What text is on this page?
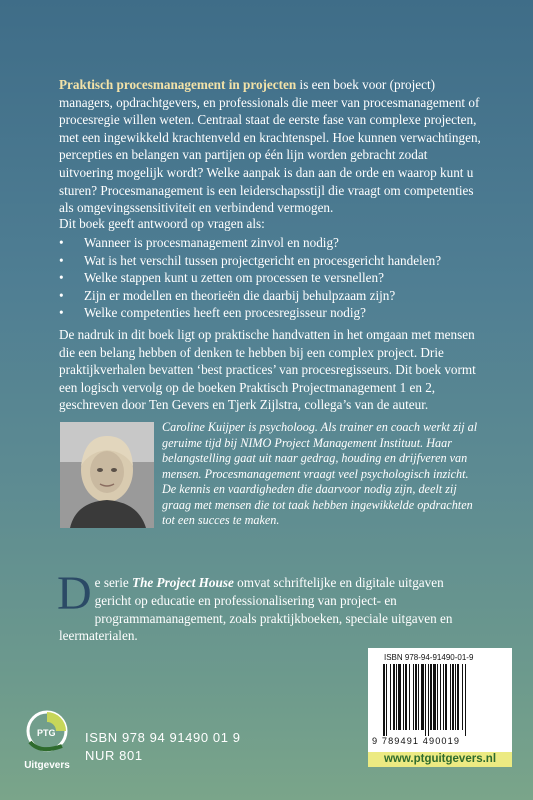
Praktisch procesmanagement in projecten is een boek voor (project) managers, opdrachtgevers, en professionals die meer van procesmanagement of procesregie willen weten. Centraal staat de eerste fase van complexe projecten, met een ingewikkeld krachtenveld en krachtenspel. Hoe kunnen verwachtingen, percepties en belangen van partijen op één lijn worden gebracht zodat uitvoering mogelijk wordt? Welke aanpak is dan aan de orde en waarop kunt u sturen? Procesmanagement is een leiderschapsstijl die vraagt om competenties als omgevingssensitiviteit en verbindend vermogen.

Dit boek geeft antwoord op vragen als:
• Wanneer is procesmanagement zinvol en nodig?
• Wat is het verschil tussen projectgericht en procesgericht handelen?
• Welke stappen kunt u zetten om processen te versnellen?
• Zijn er modellen en theorieën die daarbij behulpzaam zijn?
• Welke competenties heeft een procesregisseur nodig?

De nadruk in dit boek ligt op praktische handvatten in het omgaan met mensen die een belang hebben of denken te hebben bij een complex project. Drie praktijkverhalen bevatten ‘best practices’ van procesregisseurs. Dit boek vormt een logisch vervolg op de boeken Praktisch Projectmanagement 1 en 2, geschreven door Ten Gevers en Tjerk Zijlstra, collega’s van de auteur.

Caroline Kuijper is psycholoog. Als trainer en coach werkt zij al geruime tijd bij NIMO Project Management Instituut. Haar belangstelling gaat uit naar gedrag, houding en drijfveren van mensen. Procesmanagement vraagt veel psychologisch inzicht. De kennis en vaardigheden die daarvoor nodig zijn, deelt zij graag met mensen die tot taak hebben ingewikkelde opdrachten tot een succes te maken.

De serie The Project House omvat schriftelijke en digitale uitgaven gericht op educatie en professionalisering van project- en programmamanagement, zoals praktijkboeken, speciale uitgaven en leermaterialen.

PTG
Uitgevers
ISBN 978 94 91490 01 9
NUR 801
ISBN 978-94-91490-01-9
9 789491 490019
www.ptguitgevers.nl
